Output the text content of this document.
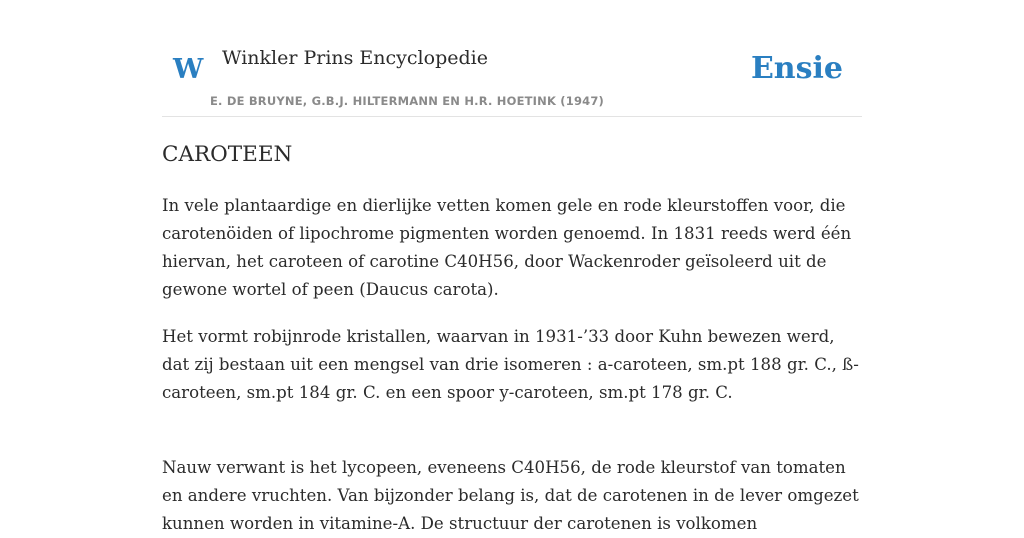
W Winkler Prins Encyclopedie	Ensie
E. DE BRUYNE, G.B.J. HILTERMANN EN H.R. HOETINK (1947)
CAROTEEN

In vele plantaardige en dierlijke vetten komen gele en rode kleurstoffen voor, die carotenöiden of lipochrome pigmenten worden genoemd. In 1831 reeds werd één hiervan, het caroteen of carotine C40H56, door Wackenroder geïsoleerd uit de gewone wortel of peen (Daucus carota).

Het vormt robijnrode kristallen, waarvan in 1931-’33 door Kuhn bewezen werd, dat zij bestaan uit een mengsel van drie isomeren : a-caroteen, sm.pt 188 gr. C., ß-caroteen, sm.pt 184 gr. C. en een spoor y-caroteen, sm.pt 178 gr. C.

Nauw verwant is het lycopeen, eveneens C40H56, de rode kleurstof van tomaten en andere vruchten. Van bijzonder belang is, dat de carotenen in de lever omgezet kunnen worden in vitamine-A. De structuur der carotenen is volkomen
